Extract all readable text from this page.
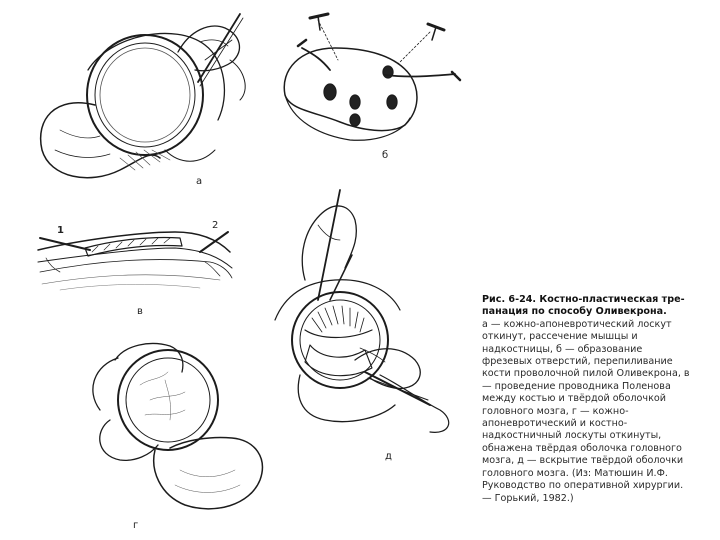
а
б
в
г
д
1	2

Рис. 6-24. Костно-пластическая тре-панация по способу Оливекрона.

а — кожно-апоневротический лоскут откинут, рассечение мышцы и надкостницы, б — образование фрезевых отверстий, перепиливание кости проволочной пилой Оливекрона, в — проведение проводника Поленова между костью и твёрдой оболочкой головного мозга, г — кожно-апоневротический и костно-надкостничный лоскуты откинуты, обнажена твёрдая оболочка головного мозга, д — вскрытие твёрдой оболочки головного мозга. (Из: Матюшин И.Ф. Руководство по оперативной хирургии. — Горький, 1982.)
